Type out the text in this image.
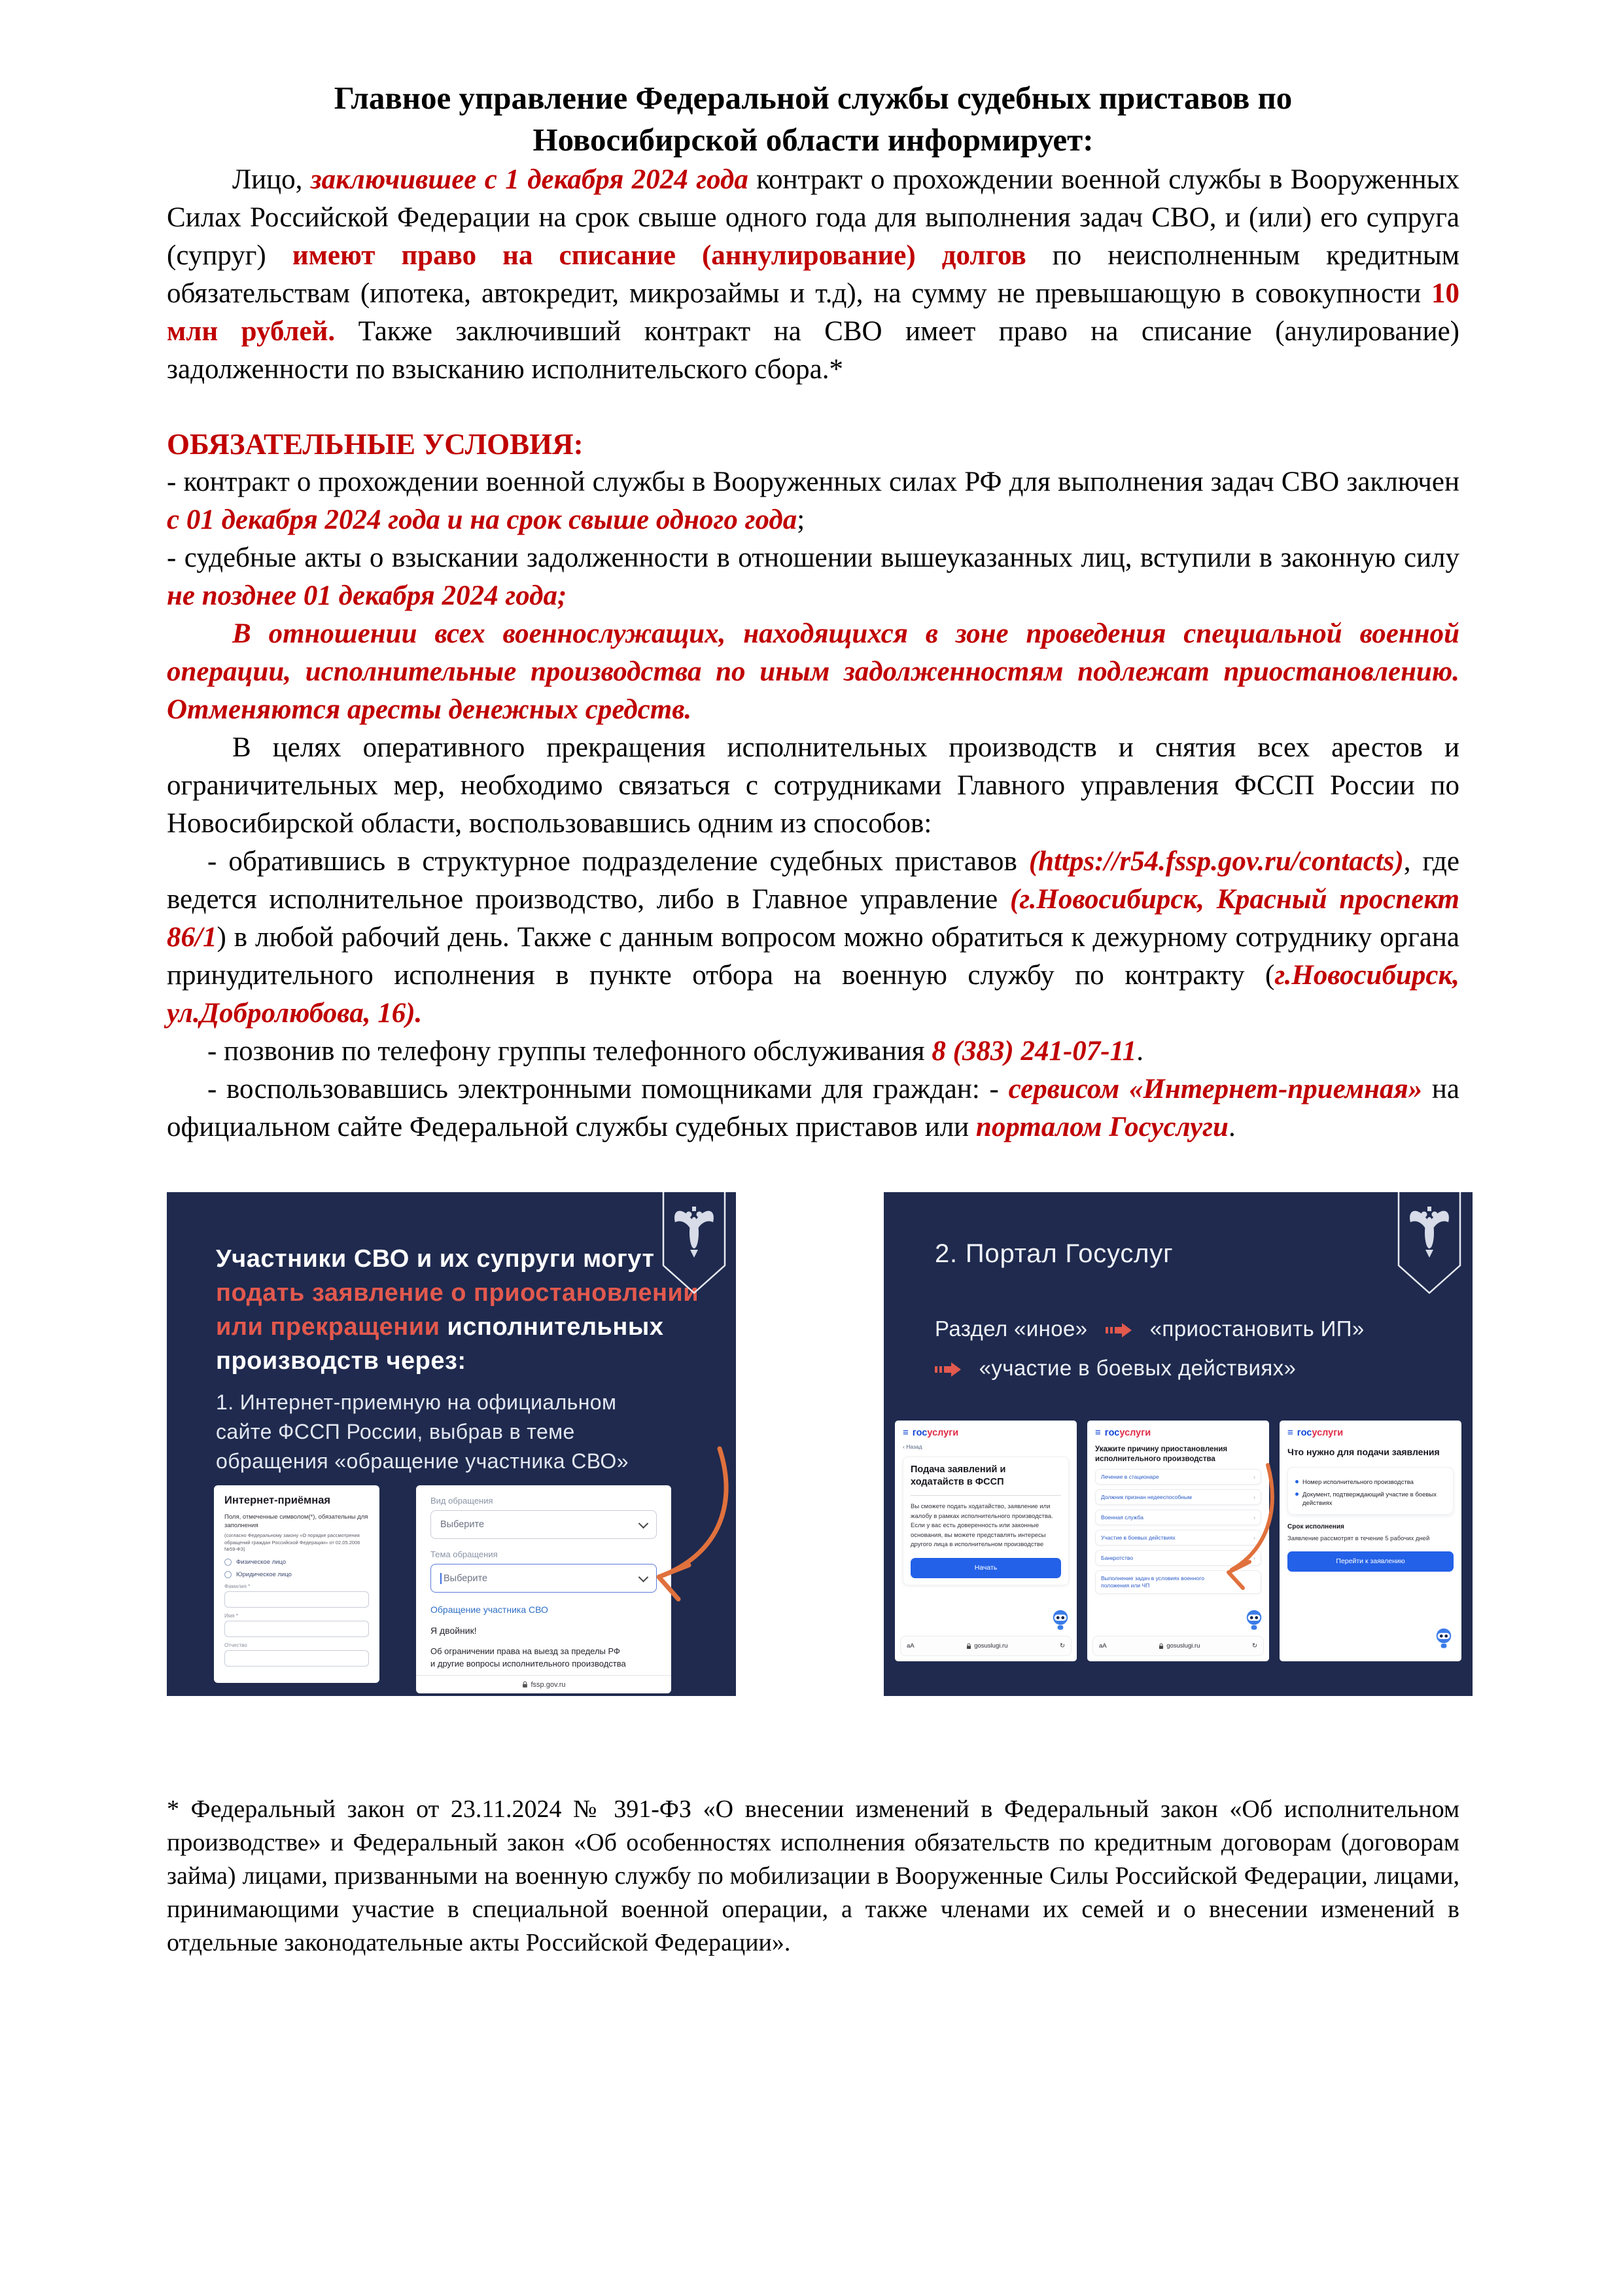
Главное управление Федеральной службы судебных приставов по Новосибирской области информирует:

Лицо, заключившее с 1 декабря 2024 года контракт о прохождении военной службы в Вооруженных Силах Российской Федерации на срок свыше одного года для выполнения задач СВО, и (или) его супруга (супруг) имеют право на списание (аннулирование) долгов по неисполненным кредитным обязательствам (ипотека, автокредит, микрозаймы и т.д), на сумму не превышающую в совокупности 10 млн рублей. Также заключивший контракт на СВО имеет право на списание (анулирование) задолженности по взысканию исполнительского сбора.*

ОБЯЗАТЕЛЬНЫЕ УСЛОВИЯ:

- контракт о прохождении военной службы в Вооруженных силах РФ для выполнения задач СВО заключен с 01 декабря 2024 года и на срок свыше одного года;

- судебные акты о взыскании задолженности в отношении вышеуказанных лиц, вступили в законную силу не позднее 01 декабря 2024 года;

В отношении всех военнослужащих, находящихся в зоне проведения специальной военной операции, исполнительные производства по иным задолженностям подлежат приостановлению. Отменяются аресты денежных средств.

В целях оперативного прекращения исполнительных производств и снятия всех арестов и ограничительных мер, необходимо связаться с сотрудниками Главного управления ФССП России по Новосибирской области, воспользовавшись одним из способов:

- обратившись в структурное подразделение судебных приставов (https://r54.fssp.gov.ru/contacts), где ведется исполнительное производство, либо в Главное управление (г.Новосибирск, Красный проспект 86/1) в любой рабочий день. Также с данным вопросом можно обратиться к дежурному сотруднику органа принудительного исполнения в пункте отбора на военную службу по контракту (г.Новосибирск, ул.Добролюбова, 16).

- позвонив по телефону группы телефонного обслуживания 8 (383) 241-07-11.

- воспользовавшись электронными помощниками для граждан: - сервисом «Интернет-приемная» на официальном сайте Федеральной службы судебных приставов или порталом Госуслуги.

Участники СВО и их супруги могут
подать заявление о приостановлении
или прекращении исполнительных
производств через:

1. Интернет-приемную на официальном сайте ФССП России, выбрав в теме обращения «обращение участника СВО»

Интернет-приёмная
Поля, отмеченные символом(*), обязательны для заполнения
(согласно Федеральному закону «О порядке рассмотрения обращений граждан Российской Федерации» от 02.05.2006 №59-ФЗ)
Физическое лицо
Юридическое лицо
Фамилия *
Имя *
Отчество
Вид обращения
Выберите
Тема обращения
Выберите
Обращение участника СВО
Я двойник!
Об ограничении права на выезд за пределы РФ и другие вопросы исполнительного производства
fssp.gov.ru
2. Портал Госуслуг
Раздел «иное»	«приостановить ИП»
«участие в боевых действиях»
≡ госуслуги
‹ Назад
Подача заявлений и ходатайств в ФССП
Вы сможете подать ходатайство, заявление или жалобу в рамках исполнительного производства. Если у вас есть доверенность или законные основания, вы можете представлять интересы другого лица в исполнительном производстве
Начать
аА	gosuslugi.ru	↻
≡ госуслуги
Укажите причину приостановления исполнительного производства
Лечение в стационаре	›
Должник признан недееспособным	›
Военная служба	›
Участие в боевых действиях	›
Банкротство	›
Выполнение задач в условиях военного положения или ЧП
аА	gosuslugi.ru	↻
≡ госуслуги
Что нужно для подачи заявления
Номер исполнительного производства
Документ, подтверждающий участие в боевых действиях
Срок исполнения
Заявление рассмотрят в течение 5 рабочих дней
Перейти к заявлению

* Федеральный закон от 23.11.2024 № 391-ФЗ «О внесении изменений в Федеральный закон «Об исполнительном производстве» и Федеральный закон «Об особенностях исполнения обязательств по кредитным договорам (договорам займа) лицами, призванными на военную службу по мобилизации в Вооруженные Силы Российской Федерации, лицами, принимающими участие в специальной военной операции, а также членами их семей и о внесении изменений в отдельные законодательные акты Российской Федерации».
